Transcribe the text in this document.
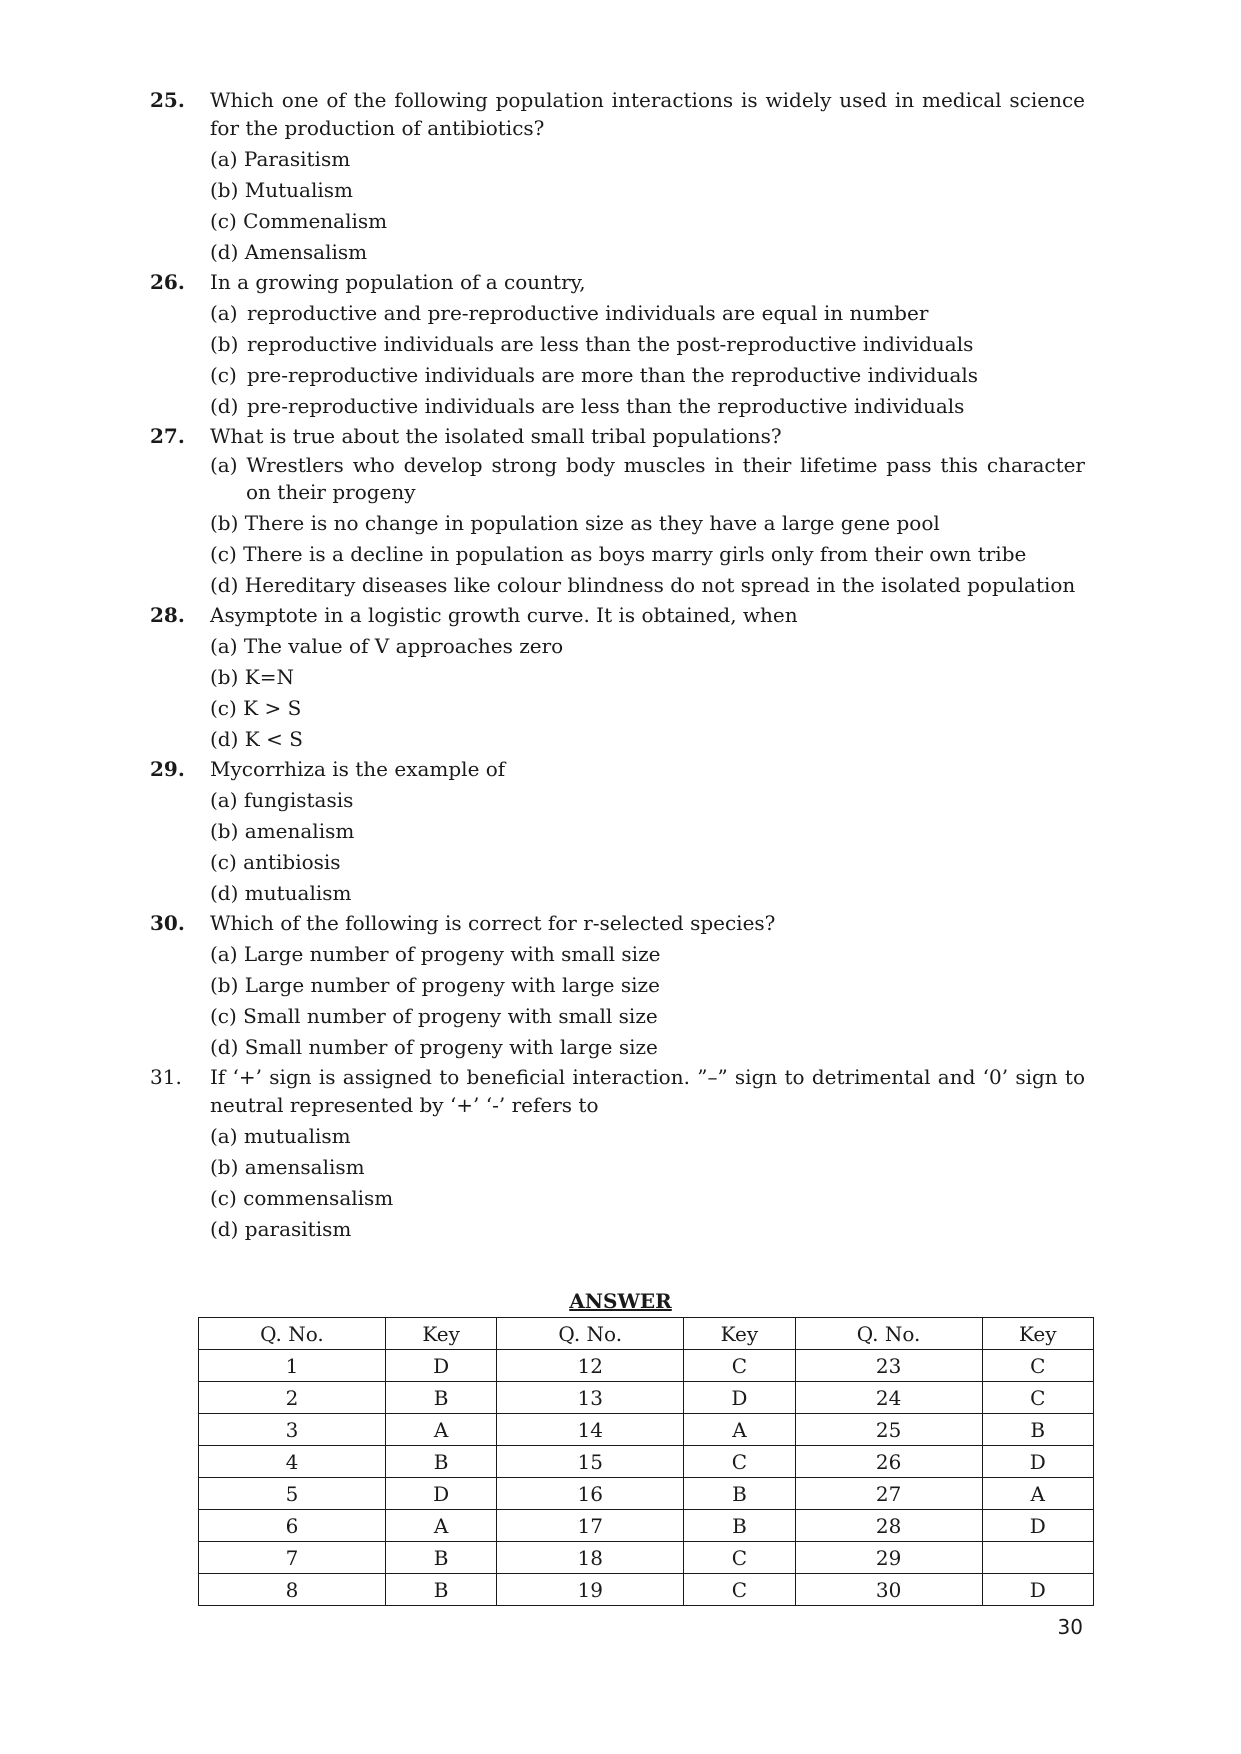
25.	Which one of the following population interactions is widely used in medical science for the production of antibiotics?
(a) Parasitism
(b) Mutualism
(c) Commenalism
(d) Amensalism
26.	In a growing population of a country,
(a) reproductive and pre-reproductive individuals are equal in number
(b) reproductive individuals are less than the post-reproductive individuals
(c) pre-reproductive individuals are more than the reproductive individuals
(d) pre-reproductive individuals are less than the reproductive individuals
27.	What is true about the isolated small tribal populations?
(a) Wrestlers who develop strong body muscles in their lifetime pass this character on their progeny
(b) There is no change in population size as they have a large gene pool
(c) There is a decline in population as boys marry girls only from their own tribe
(d) Hereditary diseases like colour blindness do not spread in the isolated population
28.	Asymptote in a logistic growth curve. It is obtained, when
(a) The value of V approaches zero
(b) K=N
(c) K > S
(d) K < S
29.	Mycorrhiza is the example of
(a) fungistasis
(b) amenalism
(c) antibiosis
(d) mutualism
30.	Which of the following is correct for r-selected species?
(a) Large number of progeny with small size
(b) Large number of progeny with large size
(c) Small number of progeny with small size
(d) Small number of progeny with large size
31.	If ‘+’ sign is assigned to beneficial interaction. ”–” sign to detrimental and ‘0’ sign to neutral represented by ‘+’ ‘-’ refers to
(a) mutualism
(b) amensalism
(c) commensalism
(d) parasitism
ANSWER
Q. No.	Key	Q. No.	Key	Q. No.	Key
1	D	12	C	23	C
2	B	13	D	24	C
3	A	14	A	25	B
4	B	15	C	26	D
5	D	16	B	27	A
6	A	17	B	28	D
7	B	18	C	29	
8	B	19	C	30	D
30
